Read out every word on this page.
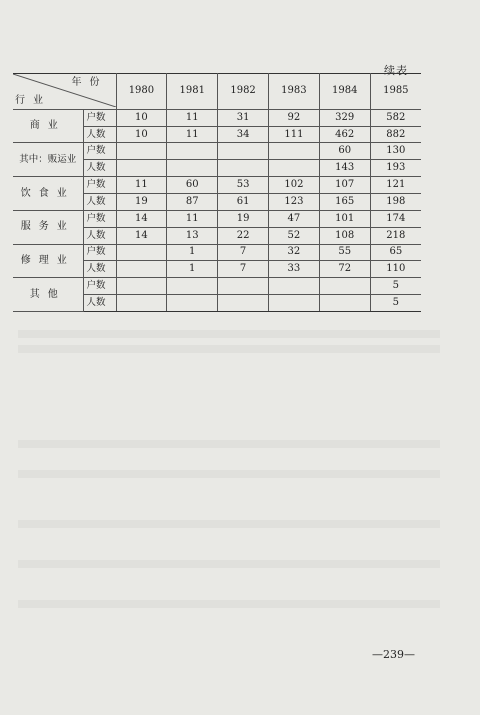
续表
年份
行业		1980	1981	1982	1983	1984	1985
商业	户数	10	11	31	92	329	582
	人数	10	11	34	111	462	882
其中：贩运业	户数					60	130
	人数					143	193
饮食业	户数	11	60	53	102	107	121
	人数	19	87	61	123	165	198
服务业	户数	14	11	19	47	101	174
	人数	14	13	22	52	108	218
修理业	户数		1	7	32	55	65
	人数		1	7	33	72	110
其他	户数						5
	人数						5
—239—
